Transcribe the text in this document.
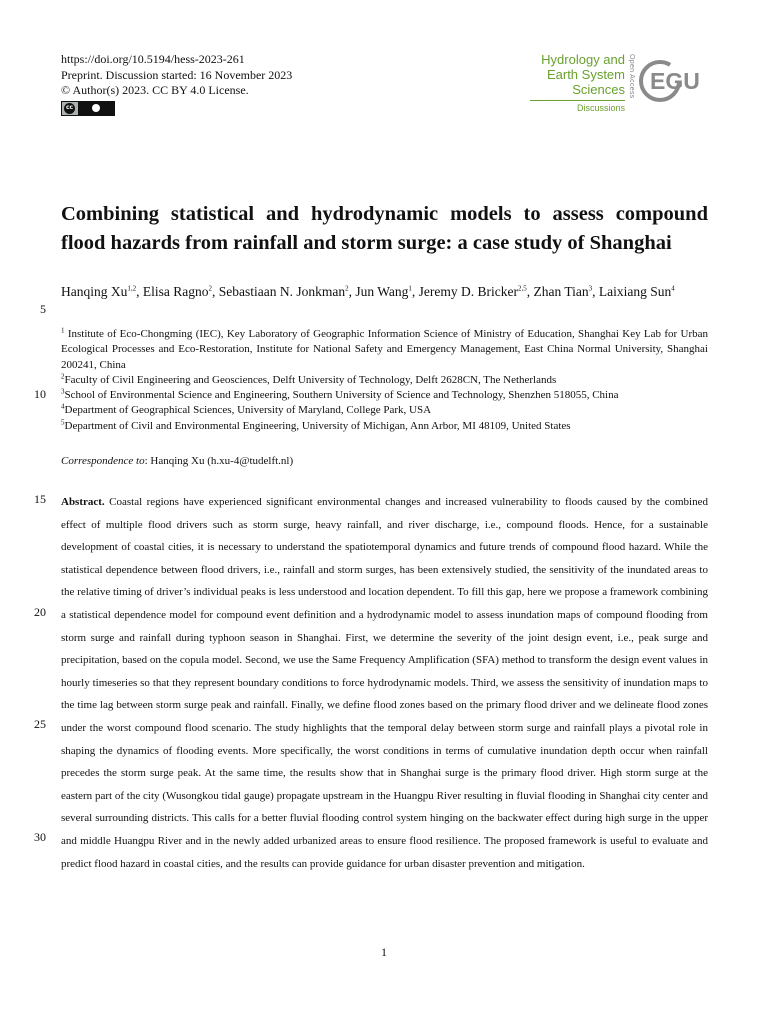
https://doi.org/10.5194/hess-2023-261
Preprint. Discussion started: 16 November 2023
© Author(s) 2023. CC BY 4.0 License.
cc
Hydrology and
Earth System
Sciences
Discussions
Open Access EGU
Combining statistical and hydrodynamic models to assess compound flood hazards from rainfall and storm surge: a case study of Shanghai
Hanqing Xu$^{1,2}$, Elisa Ragno$^2$, Sebastiaan N. Jonkman$^2$, Jun Wang$^1$, Jeremy D. Bricker$^{2,5}$, Zhan Tian$^3$, Laixiang Sun$^4$

$^1$ Institute of Eco-Chongming (IEC), Key Laboratory of Geographic Information Science of Ministry of Education, Shanghai Key Lab for Urban Ecological Processes and Eco-Restoration, Institute for National Safety and Emergency Management, East China Normal University, Shanghai 200241, China

$^2$Faculty of Civil Engineering and Geosciences, Delft University of Technology, Delft 2628CN, The Netherlands

$^3$School of Environmental Science and Engineering, Southern University of Science and Technology, Shenzhen 518055, China

$^4$Department of Geographical Sciences, University of Maryland, College Park, USA

$^5$Department of Civil and Environmental Engineering, University of Michigan, Ann Arbor, MI 48109, United States

Correspondence to: Hanqing Xu (h.xu-4@tudelft.nl)
Abstract. Coastal regions have experienced significant environmental changes and increased vulnerability to floods caused by the combined effect of multiple flood drivers such as storm surge, heavy rainfall, and river discharge, i.e., compound floods. Hence, for a sustainable development of coastal cities, it is necessary to understand the spatiotemporal dynamics and future trends of compound flood hazard. While the statistical dependence between flood drivers, i.e., rainfall and storm surges, has been extensively studied, the sensitivity of the inundated areas to the relative timing of driver’s individual peaks is less understood and location dependent. To fill this gap, here we propose a framework combining a statistical dependence model for compound event definition and a hydrodynamic model to assess inundation maps of compound flooding from storm surge and rainfall during typhoon season in Shanghai. First, we determine the severity of the joint design event, i.e., peak surge and precipitation, based on the copula model. Second, we use the Same Frequency Amplification (SFA) method to transform the design event values in hourly timeseries so that they represent boundary conditions to force hydrodynamic models. Third, we assess the sensitivity of inundation maps to the time lag between storm surge peak and rainfall. Finally, we define flood zones based on the primary flood driver and we delineate flood zones under the worst compound flood scenario. The study highlights that the temporal delay between storm surge and rainfall plays a pivotal role in shaping the dynamics of flooding events. More specifically, the worst conditions in terms of cumulative inundation depth occur when rainfall precedes the storm surge peak. At the same time, the results show that in Shanghai surge is the primary flood driver. High storm surge at the eastern part of the city (Wusongkou tidal gauge) propagate upstream in the Huangpu River resulting in fluvial flooding in Shanghai city center and several surrounding districts. This calls for a better fluvial flooding control system hinging on the backwater effect during high surge in the upper and middle Huangpu River and in the newly added urbanized areas to ensure flood resilience. The proposed framework is useful to evaluate and predict flood hazard in coastal cities, and the results can provide guidance for urban disaster prevention and mitigation.
5
10
15
20
25
30
1
